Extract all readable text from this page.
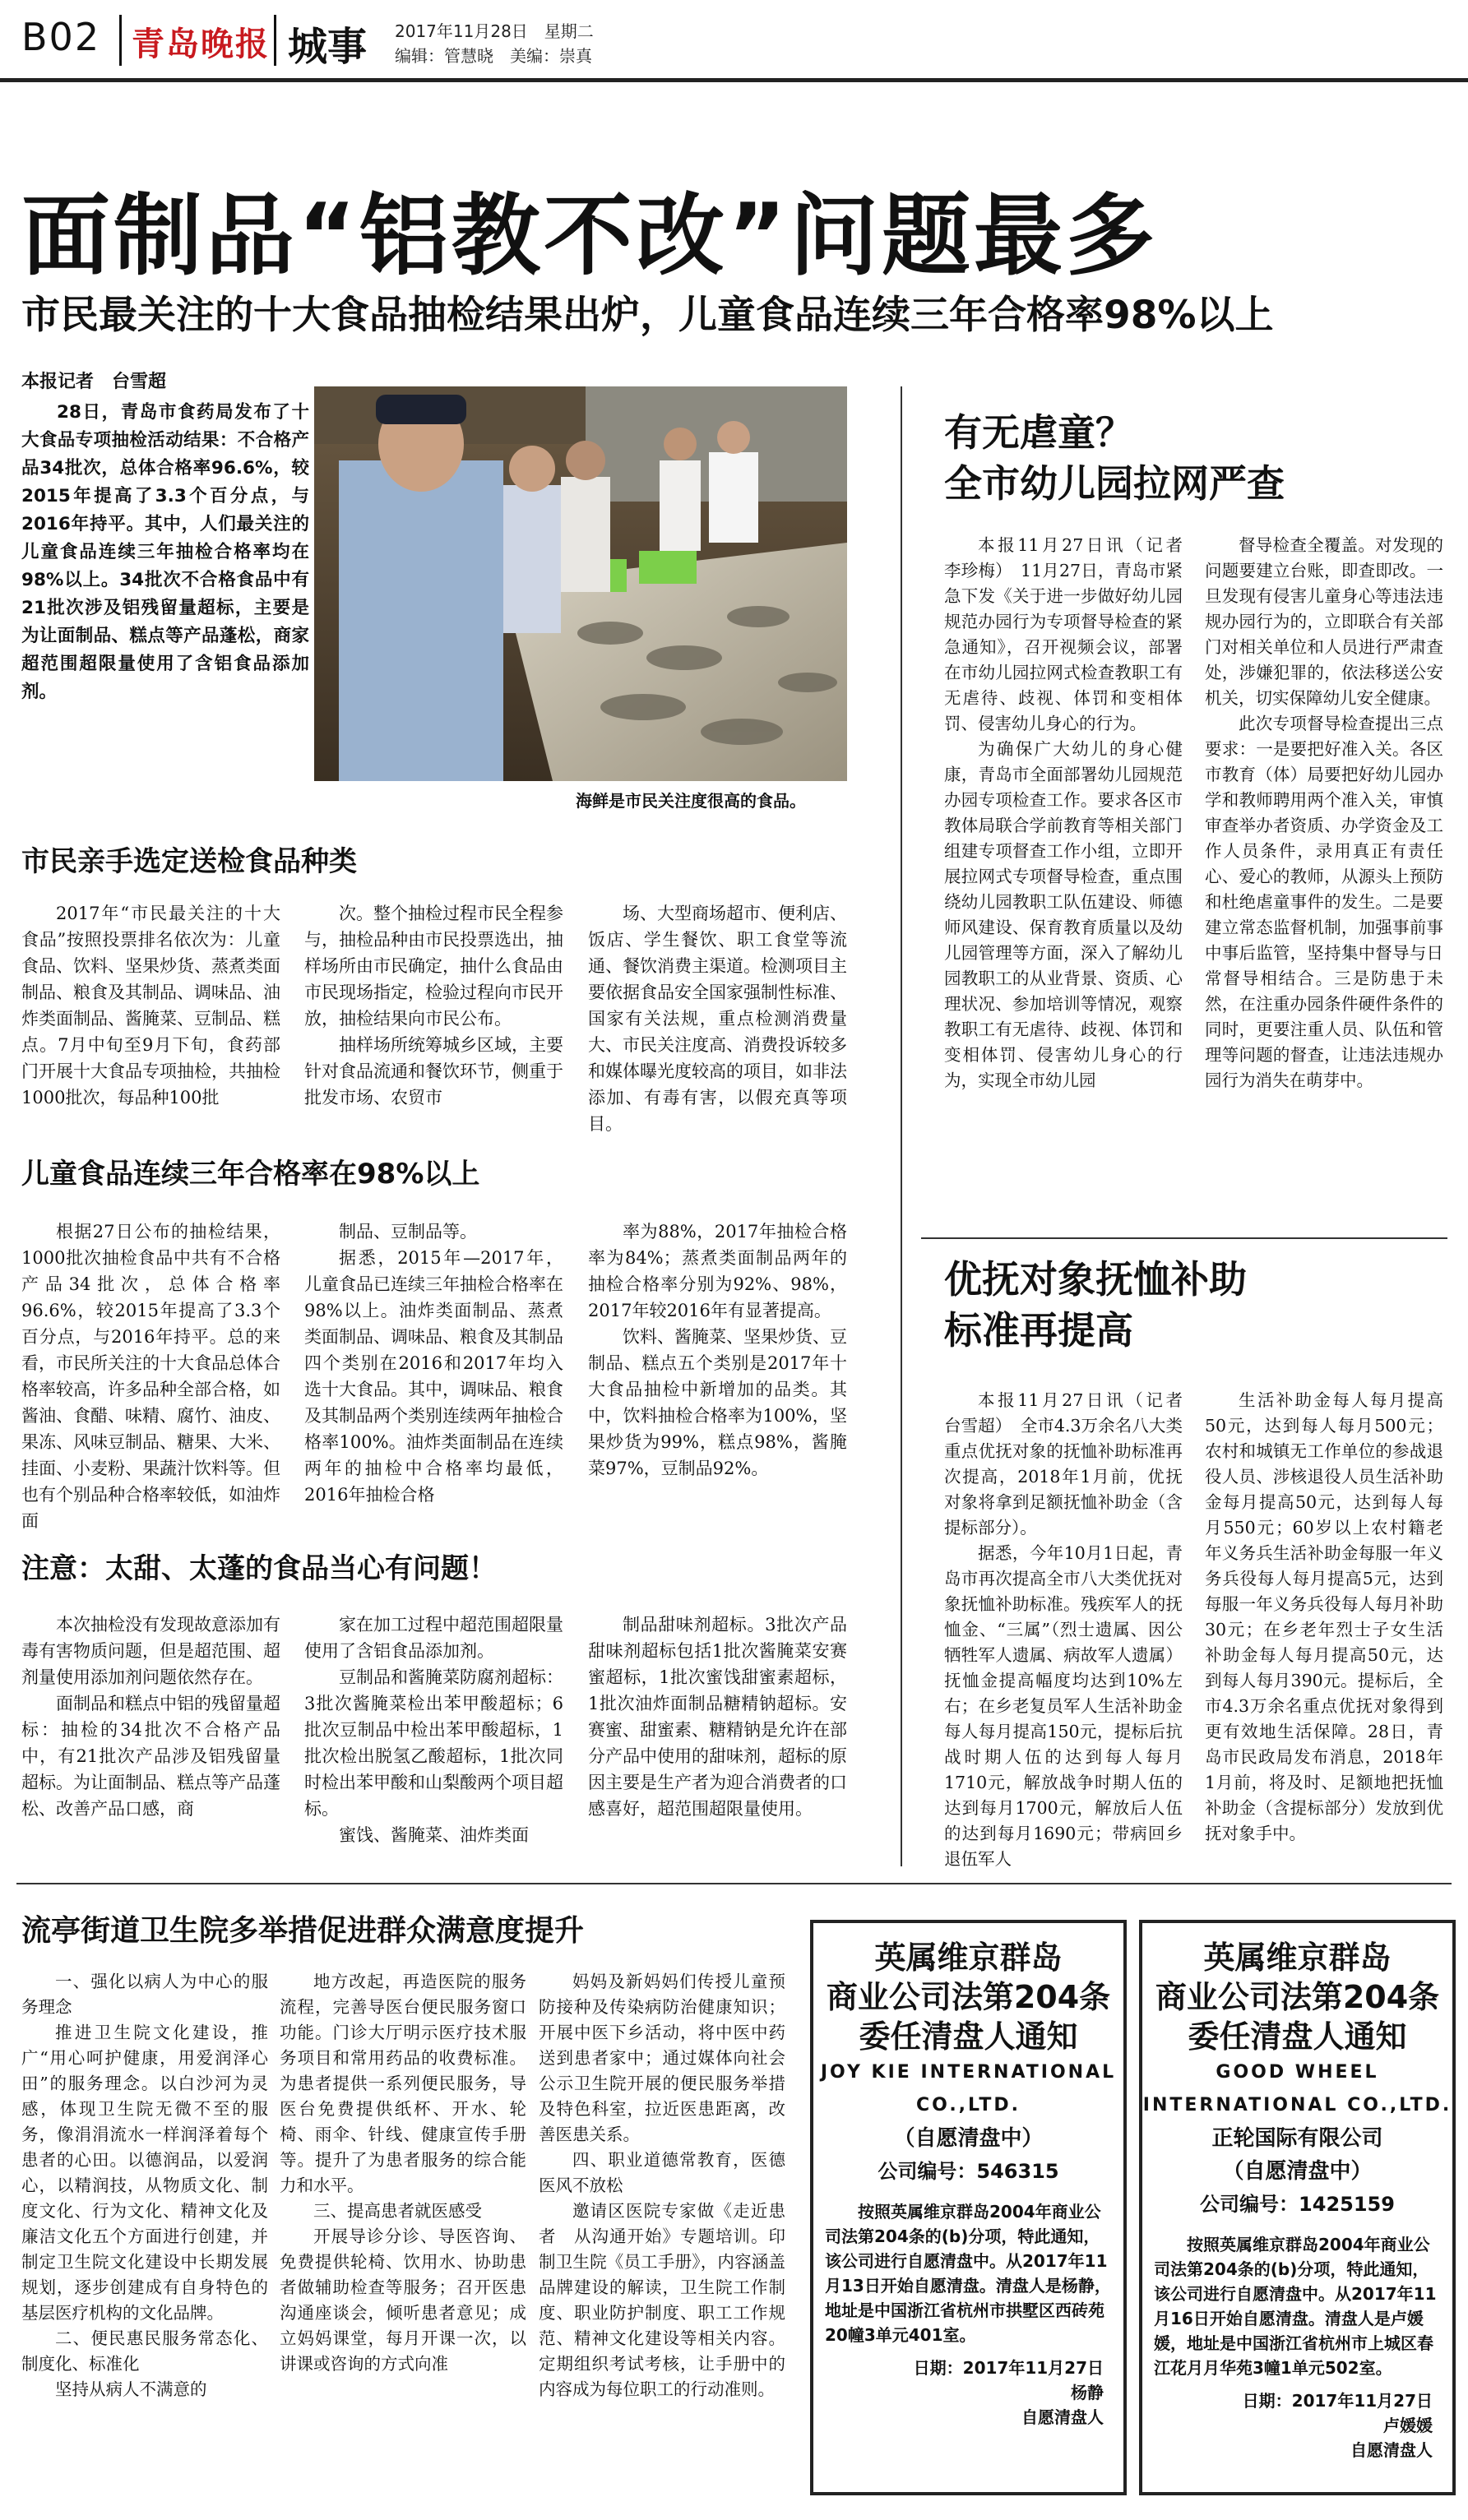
B02 青岛晚报 城事 2017年11月28日　星期二
编辑：管慧晓　美编：崇真
面制品“铝教不改”问题最多
市民最关注的十大食品抽检结果出炉，儿童食品连续三年合格率98%以上
本报记者　台雪超

28日，青岛市食药局发布了十大食品专项抽检活动结果：不合格产品34批次，总体合格率96.6%，较2015年提高了3.3个百分点，与2016年持平。其中，人们最关注的儿童食品连续三年抽检合格率均在98%以上。34批次不合格食品中有21批次涉及铝残留量超标，主要是为让面制品、糕点等产品蓬松，商家超范围超限量使用了含铝食品添加剂。

海鲜是市民关注度很高的食品。
市民亲手选定送检食品种类

2017年“市民最关注的十大食品”按照投票排名依次为：儿童食品、饮料、坚果炒货、蒸煮类面制品、粮食及其制品、调味品、油炸类面制品、酱腌菜、豆制品、糕点。7月中旬至9月下旬，食药部门开展十大食品专项抽检，共抽检1000批次，每品种100批

次。整个抽检过程市民全程参与，抽检品种由市民投票选出，抽样场所由市民确定，抽什么食品由市民现场指定，检验过程向市民开放，抽检结果向市民公布。

抽样场所统筹城乡区域，主要针对食品流通和餐饮环节，侧重于批发市场、农贸市

场、大型商场超市、便利店、饭店、学生餐饮、职工食堂等流通、餐饮消费主渠道。检测项目主要依据食品安全国家强制性标准、国家有关法规，重点检测消费量大、市民关注度高、消费投诉较多和媒体曝光度较高的项目，如非法添加、有毒有害，以假充真等项目。

儿童食品连续三年合格率在98%以上

根据27日公布的抽检结果，1000批次抽检食品中共有不合格产品34批次，总体合格率96.6%，较2015年提高了3.3个百分点，与2016年持平。总的来看，市民所关注的十大食品总体合格率较高，许多品种全部合格，如酱油、食醋、味精、腐竹、油皮、果冻、风味豆制品、糖果、大米、挂面、小麦粉、果蔬汁饮料等。但也有个别品种合格率较低，如油炸面

制品、豆制品等。

据悉，2015年—2017年，儿童食品已连续三年抽检合格率在98%以上。油炸类面制品、蒸煮类面制品、调味品、粮食及其制品四个类别在2016和2017年均入选十大食品。其中，调味品、粮食及其制品两个类别连续两年抽检合格率100%。油炸类面制品在连续两年的抽检中合格率均最低，2016年抽检合格

率为88%，2017年抽检合格率为84%；蒸煮类面制品两年的抽检合格率分别为92%、98%，2017年较2016年有显著提高。

饮料、酱腌菜、坚果炒货、豆制品、糕点五个类别是2017年十大食品抽检中新增加的品类。其中，饮料抽检合格率为100%，坚果炒货为99%，糕点98%，酱腌菜97%，豆制品92%。

注意：太甜、太蓬的食品当心有问题！

本次抽检没有发现故意添加有毒有害物质问题，但是超范围、超剂量使用添加剂问题依然存在。

面制品和糕点中铝的残留量超标：抽检的34批次不合格产品中，有21批次产品涉及铝残留量超标。为让面制品、糕点等产品蓬松、改善产品口感，商

家在加工过程中超范围超限量使用了含铝食品添加剂。

豆制品和酱腌菜防腐剂超标：3批次酱腌菜检出苯甲酸超标；6批次豆制品中检出苯甲酸超标，1批次检出脱氢乙酸超标，1批次同时检出苯甲酸和山梨酸两个项目超标。

蜜饯、酱腌菜、油炸类面

制品甜味剂超标。3批次产品甜味剂超标包括1批次酱腌菜安赛蜜超标，1批次蜜饯甜蜜素超标，1批次油炸面制品糖精钠超标。安赛蜜、甜蜜素、糖精钠是允许在部分产品中使用的甜味剂，超标的原因主要是生产者为迎合消费者的口感喜好，超范围超限量使用。

有无虐童？
全市幼儿园拉网严查

本报11月27日讯（记者　李珍梅）　11月27日，青岛市紧急下发《关于进一步做好幼儿园规范办园行为专项督导检查的紧急通知》，召开视频会议，部署在市幼儿园拉网式检查教职工有无虐待、歧视、体罚和变相体罚、侵害幼儿身心的行为。

为确保广大幼儿的身心健康，青岛市全面部署幼儿园规范办园专项检查工作。要求各区市教体局联合学前教育等相关部门组建专项督查工作小组，立即开展拉网式专项督导检查，重点围绕幼儿园教职工队伍建设、师德师风建设、保育教育质量以及幼儿园管理等方面，深入了解幼儿园教职工的从业背景、资质、心理状况、参加培训等情况，观察教职工有无虐待、歧视、体罚和变相体罚、侵害幼儿身心的行为，实现全市幼儿园

督导检查全覆盖。对发现的问题要建立台账，即查即改。一旦发现有侵害儿童身心等违法违规办园行为的，立即联合有关部门对相关单位和人员进行严肃查处，涉嫌犯罪的，依法移送公安机关，切实保障幼儿安全健康。

此次专项督导检查提出三点要求：一是要把好准入关。各区市教育（体）局要把好幼儿园办学和教师聘用两个准入关，审慎审查举办者资质、办学资金及工作人员条件，录用真正有责任心、爱心的教师，从源头上预防和杜绝虐童事件的发生。二是要建立常态监督机制，加强事前事中事后监管，坚持集中督导与日常督导相结合。三是防患于未然，在注重办园条件硬件条件的同时，更要注重人员、队伍和管理等问题的督查，让违法违规办园行为消失在萌芽中。

优抚对象抚恤补助
标准再提高

本报11月27日讯（记者　台雪超）　全市4.3万余名八大类重点优抚对象的抚恤补助标准再次提高，2018年1月前，优抚对象将拿到足额抚恤补助金（含提标部分）。

据悉，今年10月1日起，青岛市再次提高全市八大类优抚对象抚恤补助标准。残疾军人的抚恤金、“三属”（烈士遗属、因公牺牲军人遗属、病故军人遗属）抚恤金提高幅度均达到10%左右；在乡老复员军人生活补助金每人每月提高150元，提标后抗战时期人伍的达到每人每月1710元，解放战争时期人伍的达到每月1700元，解放后人伍的达到每月1690元；带病回乡退伍军人

生活补助金每人每月提高50元，达到每人每月500元；农村和城镇无工作单位的参战退役人员、涉核退役人员生活补助金每月提高50元，达到每人每月550元；60岁以上农村籍老年义务兵生活补助金每服一年义务兵役每人每月提高5元，达到每服一年义务兵役每人每月补助30元；在乡老年烈士子女生活补助金每人每月提高50元，达到每人每月390元。提标后，全市4.3万余名重点优抚对象得到更有效地生活保障。28日，青岛市民政局发布消息，2018年1月前，将及时、足额地把抚恤补助金（含提标部分）发放到优抚对象手中。

流亭街道卫生院多举措促进群众满意度提升

一、强化以病人为中心的服务理念

推进卫生院文化建设，推广“用心呵护健康，用爱润泽心田”的服务理念。以白沙河为灵感，体现卫生院无微不至的服务，像涓涓流水一样润泽着每个患者的心田。以德润品，以爱润心，以精润技，从物质文化、制度文化、行为文化、精神文化及廉洁文化五个方面进行创建，并制定卫生院文化建设中长期发展规划，逐步创建成有自身特色的基层医疗机构的文化品牌。

二、便民惠民服务常态化、制度化、标准化

坚持从病人不满意的

地方改起，再造医院的服务流程，完善导医台便民服务窗口功能。门诊大厅明示医疗技术服务项目和常用药品的收费标准。为患者提供一系列便民服务，导医台免费提供纸杯、开水、轮椅、雨伞、针线、健康宣传手册等。提升了为患者服务的综合能力和水平。

三、提高患者就医感受

开展导诊分诊、导医咨询、免费提供轮椅、饮用水、协助患者做辅助检查等服务；召开医患沟通座谈会，倾听患者意见；成立妈妈课堂，每月开课一次，以讲课或咨询的方式向准

妈妈及新妈妈们传授儿童预防接种及传染病防治健康知识；开展中医下乡活动，将中医中药送到患者家中；通过媒体向社会公示卫生院开展的便民服务举措及特色科室，拉近医患距离，改善医患关系。

四、职业道德常教育，医德医风不放松

邀请区医院专家做《走近患者　从沟通开始》专题培训。印制卫生院《员工手册》，内容涵盖品牌建设的解读，卫生院工作制度、职业防护制度、职工工作规范、精神文化建设等相关内容。定期组织考试考核，让手册中的内容成为每位职工的行动准则。

英属维京群岛
商业公司法第204条
委任清盘人通知
JOY KIE INTERNATIONAL
CO.,LTD.
（自愿清盘中）
公司编号：546315
按照英属维京群岛2004年商业公司法第204条的(b)分项，特此通知，该公司进行自愿清盘中。从2017年11月13日开始自愿清盘。清盘人是杨静，地址是中国浙江省杭州市拱墅区西砖苑20幢3单元401室。
日期：2017年11月27日
杨静
自愿清盘人
英属维京群岛
商业公司法第204条
委任清盘人通知
GOOD WHEEL
INTERNATIONAL CO.,LTD.
正轮国际有限公司
（自愿清盘中）
公司编号：1425159
按照英属维京群岛2004年商业公司法第204条的(b)分项，特此通知，该公司进行自愿清盘中。从2017年11月16日开始自愿清盘。清盘人是卢媛媛，地址是中国浙江省杭州市上城区春江花月月华苑3幢1单元502室。
日期：2017年11月27日
卢媛媛
自愿清盘人
